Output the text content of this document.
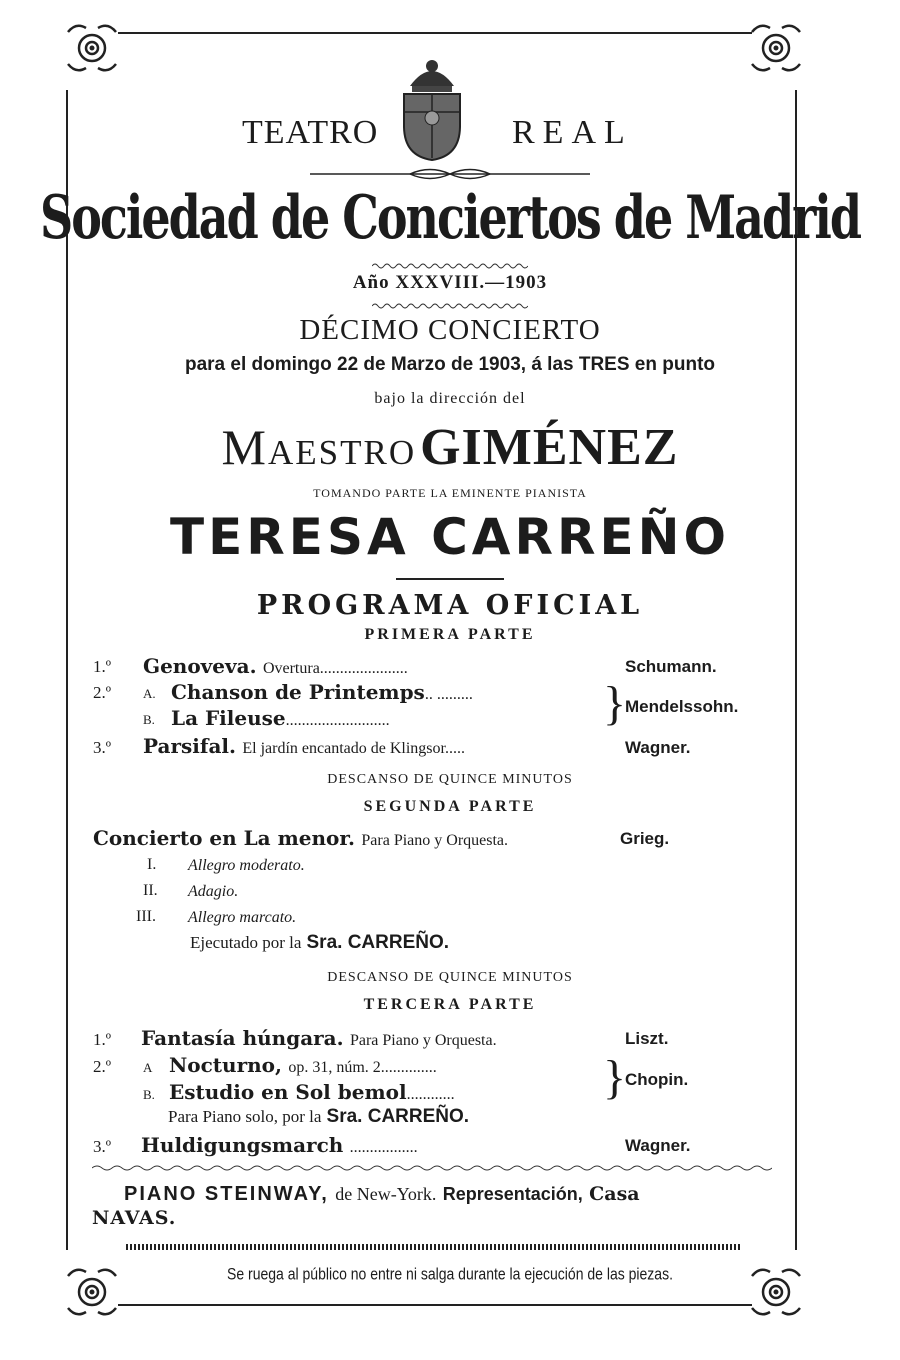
TEATRO	REAL
Sociedad de Conciertos de Madrid
Año XXXVIII.—1903
DÉCIMO CONCIERTO
para el domingo 22 de Marzo de 1903, á las TRES en punto
bajo la dirección del
Maestro GIMÉNEZ
TOMANDO PARTE LA EMINENTE PIANISTA
TERESA CARREÑO
PROGRAMA OFICIAL
PRIMERA PARTE
1.º Genoveva. Overtura......................	Schumann.
2.º A. Chanson de Printemps.. .........
B. La Fileuse..........................	}
Mendelssohn.
3.º Parsifal. El jardín encantado de Klingsor.....	Wagner.
DESCANSO DE QUINCE MINUTOS
SEGUNDA PARTE
Concierto en La menor. Para Piano y Orquesta.	Grieg.
I. Allegro moderato.
II. Adagio.
III. Allegro marcato.
Ejecutado por la Sra. CARREÑO.
DESCANSO DE QUINCE MINUTOS
TERCERA PARTE
1.º Fantasía húngara. Para Piano y Orquesta.	Liszt.
2.º A Nocturno, op. 31, núm. 2..............
B. Estudio en Sol bemol............	}
Chopin.
Para Piano solo, por la Sra. CARREÑO.
3.º Huldigungsmarch .................	Wagner.
PIANO STEINWAY, de New-York. Representación, Casa
NAVAS.
Se ruega al público no entre ni salga durante la ejecución de las piezas.
